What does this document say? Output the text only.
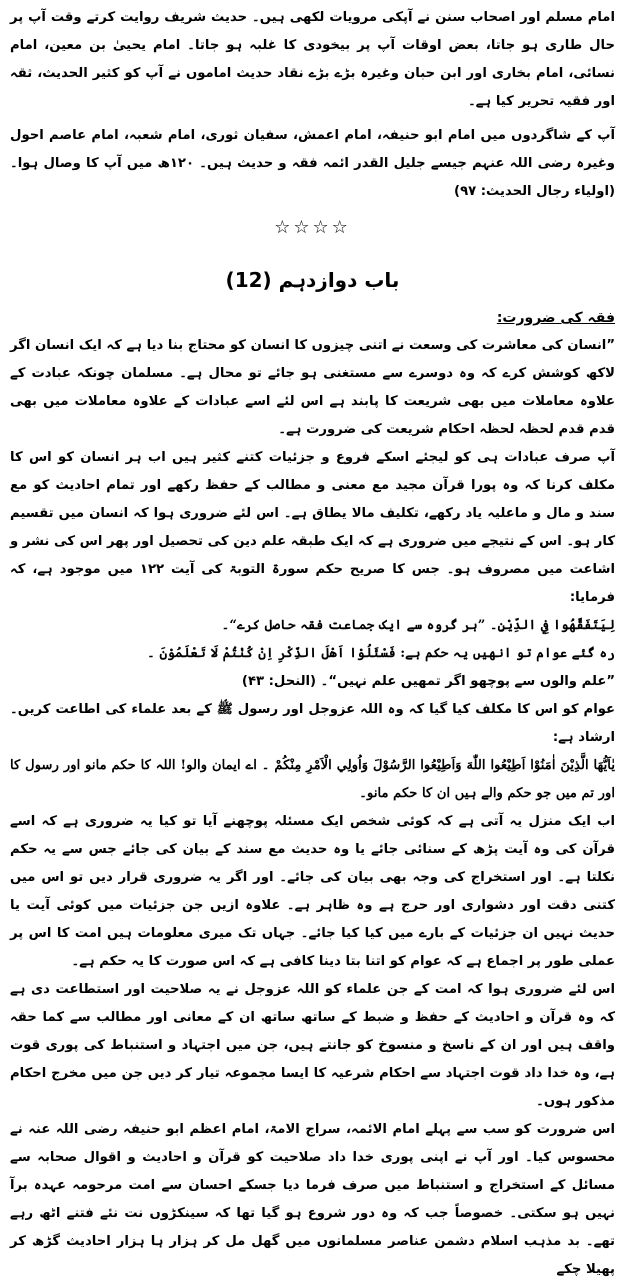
امام مسلم اور اصحاب سنن نے آپکی مرویات لکھی ہیں۔ حدیث شریف روایت کرتے وقت آپ پر حال طاری ہو جاتا، بعض اوقات آپ پر بیخودی کا غلبہ ہو جاتا۔ امام یحییٰ بن معین، امام نسائی، امام بخاری اور ابن حبان وغیرہ بڑے بڑے نقاد حدیث اماموں نے آپ کو کثیر الحدیث، ثقہ اور فقیہ تحریر کیا ہے۔

آپ کے شاگردوں میں امام ابو حنیفہ، امام اعمش، سفیان ثوری، امام شعبہ، امام عاصم احول وغیرہ رضی اللہ عنہم جیسے جلیل القدر ائمہ فقہ و حدیث ہیں۔ ۱۲۰ھ میں آپ کا وصال ہوا۔ (اولیاء رجال الحدیث: ۹۷)

☆☆☆☆
باب دوازدہم (12)

فقہ کی ضرورت:

”انسان کی معاشرت کی وسعت نے اتنی چیزوں کا انسان کو محتاج بنا دیا ہے کہ ایک انسان اگر لاکھ کوشش کرے کہ وہ دوسرے سے مستغنی ہو جائے تو محال ہے۔ مسلمان چونکہ عبادت کے علاوہ معاملات میں بھی شریعت کا پابند ہے اس لئے اسے عبادات کے علاوہ معاملات میں بھی قدم قدم لحظہ لحظہ احکام شریعت کی ضرورت ہے۔

آپ صرف عبادات ہی کو لیجئے اسکے فروع و جزئیات کتنے کثیر ہیں اب ہر انسان کو اس کا مکلف کرنا کہ وہ پورا قرآن مجید مع معنی و مطالب کے حفظ رکھے اور تمام احادیث کو مع سند و مال و ماعلیہ یاد رکھے، تکلیف مالا یطاق ہے۔ اس لئے ضروری ہوا کہ انسان میں تقسیم کار ہو۔ اس کے نتیجے میں ضروری ہے کہ ایک طبقہ علم دین کی تحصیل اور پھر اس کی نشر و اشاعت میں مصروف ہو۔ جس کا صریح حکم سورۃ التوبۃ کی آیت ۱۲۲ میں موجود ہے، کہ فرمایا:

لِيَتَفَقَّهُوا فِي الدِّيْنِ۔ ”ہر گروہ سے ایک جماعت فقہ حاصل کرے“۔

رہ گئے عوام تو انھیں یہ حکم ہے: فَسْئَلُوْا اَهْلَ الذِّكْرِ اِنْ كُنْتُمْ لَا تَعْلَمُوْنَ ۔

”علم والوں سے پوچھو اگر تمھیں علم نہیں“۔ (النحل: ۴۳)

عوام کو اس کا مکلف کیا گیا کہ وہ اللہ عزوجل اور رسول ﷺ کے بعد علماء کی اطاعت کریں۔ ارشاد ہے:

يٰاَيُّهَا الَّذِيْنَ اٰمَنُوْا اَطِيْعُوا اللّٰهَ وَاَطِيْعُوا الرَّسُوْلَ وَاُولِي الْاَمْرِ مِنْكُمْ ۔ اے ایمان والو! اللہ کا حکم مانو اور رسول کا اور تم میں جو حکم والے ہیں ان کا حکم مانو۔

اب ایک منزل یہ آتی ہے کہ کوئی شخص ایک مسئلہ پوچھنے آیا تو کیا یہ ضروری ہے کہ اسے قرآن کی وہ آیت پڑھ کے سنائی جائے یا وہ حدیث مع سند کے بیان کی جائے جس سے یہ حکم نکلتا ہے۔ اور استخراج کی وجہ بھی بیان کی جائے۔ اور اگر یہ ضروری قرار دیں تو اس میں کتنی دقت اور دشواری اور حرج ہے وہ ظاہر ہے۔ علاوہ ازیں جن جزئیات میں کوئی آیت یا حدیث نہیں ان جزئیات کے بارے میں کیا کیا جائے۔ جہاں تک میری معلومات ہیں امت کا اس پر عملی طور پر اجماع ہے کہ عوام کو اتنا بتا دینا کافی ہے کہ اس صورت کا یہ حکم ہے۔

اس لئے ضروری ہوا کہ امت کے جن علماء کو اللہ عزوجل نے یہ صلاحیت اور استطاعت دی ہے کہ وہ قرآن و احادیث کے حفظ و ضبط کے ساتھ ساتھ ان کے معانی اور مطالب سے کما حقہ واقف ہیں اور ان کے ناسخ و منسوخ کو جانتے ہیں، جن میں اجتہاد و استنباط کی پوری قوت ہے، وہ خدا داد قوت اجتہاد سے احکام شرعیہ کا ایسا مجموعہ تیار کر دیں جن میں مخرج احکام مذکور ہوں۔

اس ضرورت کو سب سے پہلے امام الائمہ، سراج الامۃ، امام اعظم ابو حنیفہ رضی اللہ عنہ نے محسوس کیا۔ اور آپ نے اپنی پوری خدا داد صلاحیت کو قرآن و احادیث و اقوال صحابہ سے مسائل کے استخراج و استنباط میں صرف فرما دیا جسکے احسان سے امت مرحومہ عہدہ برآ نہیں ہو سکتی۔ خصوصاً جب کہ وہ دور شروع ہو گیا تھا کہ سینکڑوں نت نئے فتنے اٹھ رہے تھے۔ بد مذہب اسلام دشمن عناصر مسلمانوں میں گھل مل کر ہزار ہا ہزار احادیث گڑھ کر پھیلا چکے
